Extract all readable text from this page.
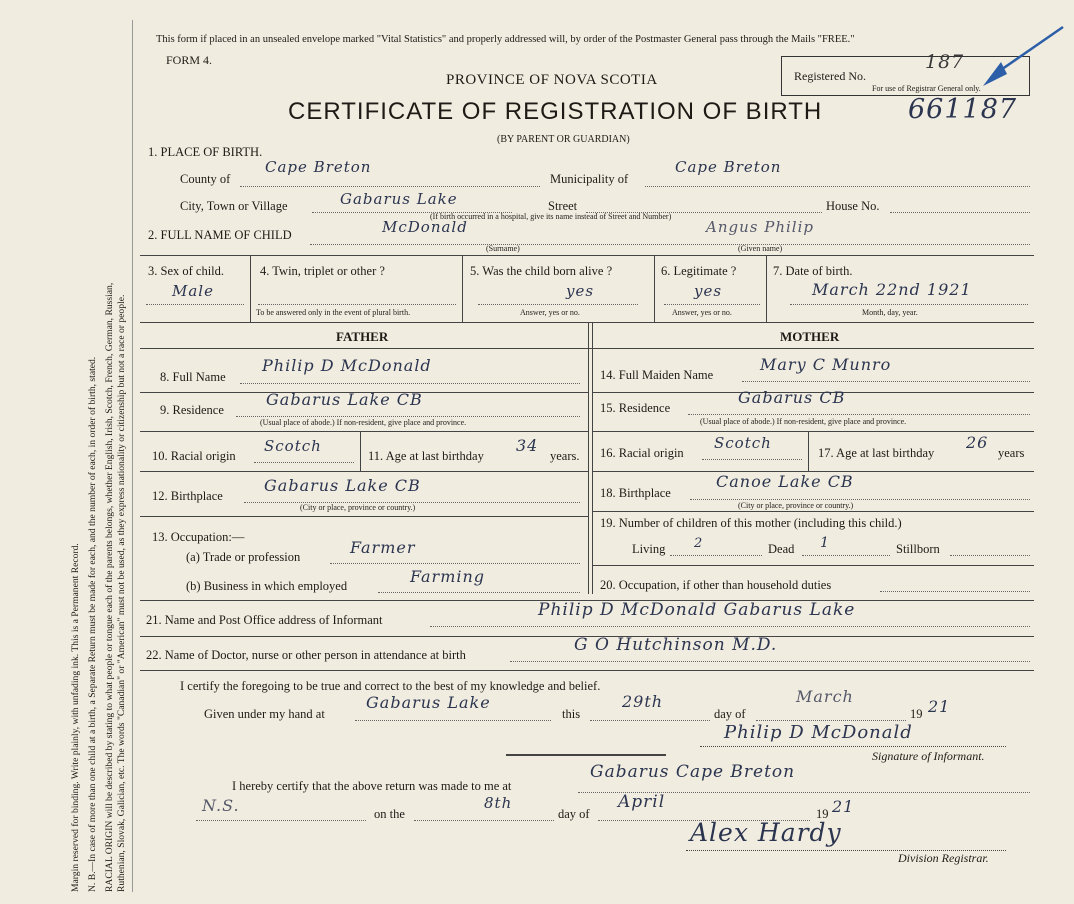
Margin reserved for binding. Write plainly, with unfading ink. This is a Permanent Record. N. B.—In case of more than one child at a birth, a Separate Return must be made for each, and the number of each, in order of birth, stated. RACIAL ORIGIN will be described by stating to what people or tongue each of the parents belongs, whether English, Irish, Scotch, French, German, Russian, Ruthenian, Slovak, Galician, etc. The words "Canadian" or "American" must not be used, as they express nationality or citizenship but not a race or people.
This form if placed in an unsealed envelope marked "Vital Statistics" and properly addressed will, by order of the Postmaster General pass through the Mails "FREE."
FORM 4.
PROVINCE OF NOVA SCOTIA
CERTIFICATE OF REGISTRATION OF BIRTH	661187
(BY PARENT OR GUARDIAN)
Registered No.
187
For use of Registrar General only.
1. PLACE OF BIRTH.
County of
Cape Breton
Municipality of
Cape Breton
City, Town or Village	Gabarus Lake	Street	House No.
(If birth occurred in a hospital, give its name instead of Street and Number)
2. FULL NAME OF CHILD	McDonald	Angus Philip
(Surname)	(Given name)
3. Sex of child.
Male
4. Twin, triplet or other ?
To be answered only in the event of plural birth.
5. Was the child born alive ?
yes
Answer, yes or no.
6. Legitimate ?
yes
Answer, yes or no.
7. Date of birth.
March 22nd 1921
Month, day, year.
FATHER	MOTHER
8. Full Name
Philip D McDonald
9. Residence
Gabarus Lake CB
(Usual place of abode.) If non-resident, give place and province.
10. Racial origin
Scotch
11. Age at last birthday
34
years.
12. Birthplace
Gabarus Lake CB
(City or place, province or country.)
13. Occupation:—
(a) Trade or profession	Farmer
(b) Business in which employed	Farming
14. Full Maiden Name
Mary C Munro
15. Residence
Gabarus CB
(Usual place of abode.) If non-resident, give place and province.
16. Racial origin
Scotch
17. Age at last birthday
26
years
18. Birthplace
Canoe Lake CB
(City or place, province or country.)
19. Number of children of this mother (including this child.)
Living 2	Dead 1	Stillborn
20. Occupation, if other than household duties
21. Name and Post Office address of Informant	Philip D McDonald Gabarus Lake
22. Name of Doctor, nurse or other person in attendance at birth	G O Hutchinson M.D.
I certify the foregoing to be true and correct to the best of my knowledge and belief.
Given under my hand at
Gabarus Lake
this
29th
day of
March
19 21
Philip D McDonald
Signature of Informant.
I hereby certify that the above return was made to me at
Gabarus Cape Breton
N.S.	on the
8th
day of
April
19 21
Alex Hardy
Division Registrar.
